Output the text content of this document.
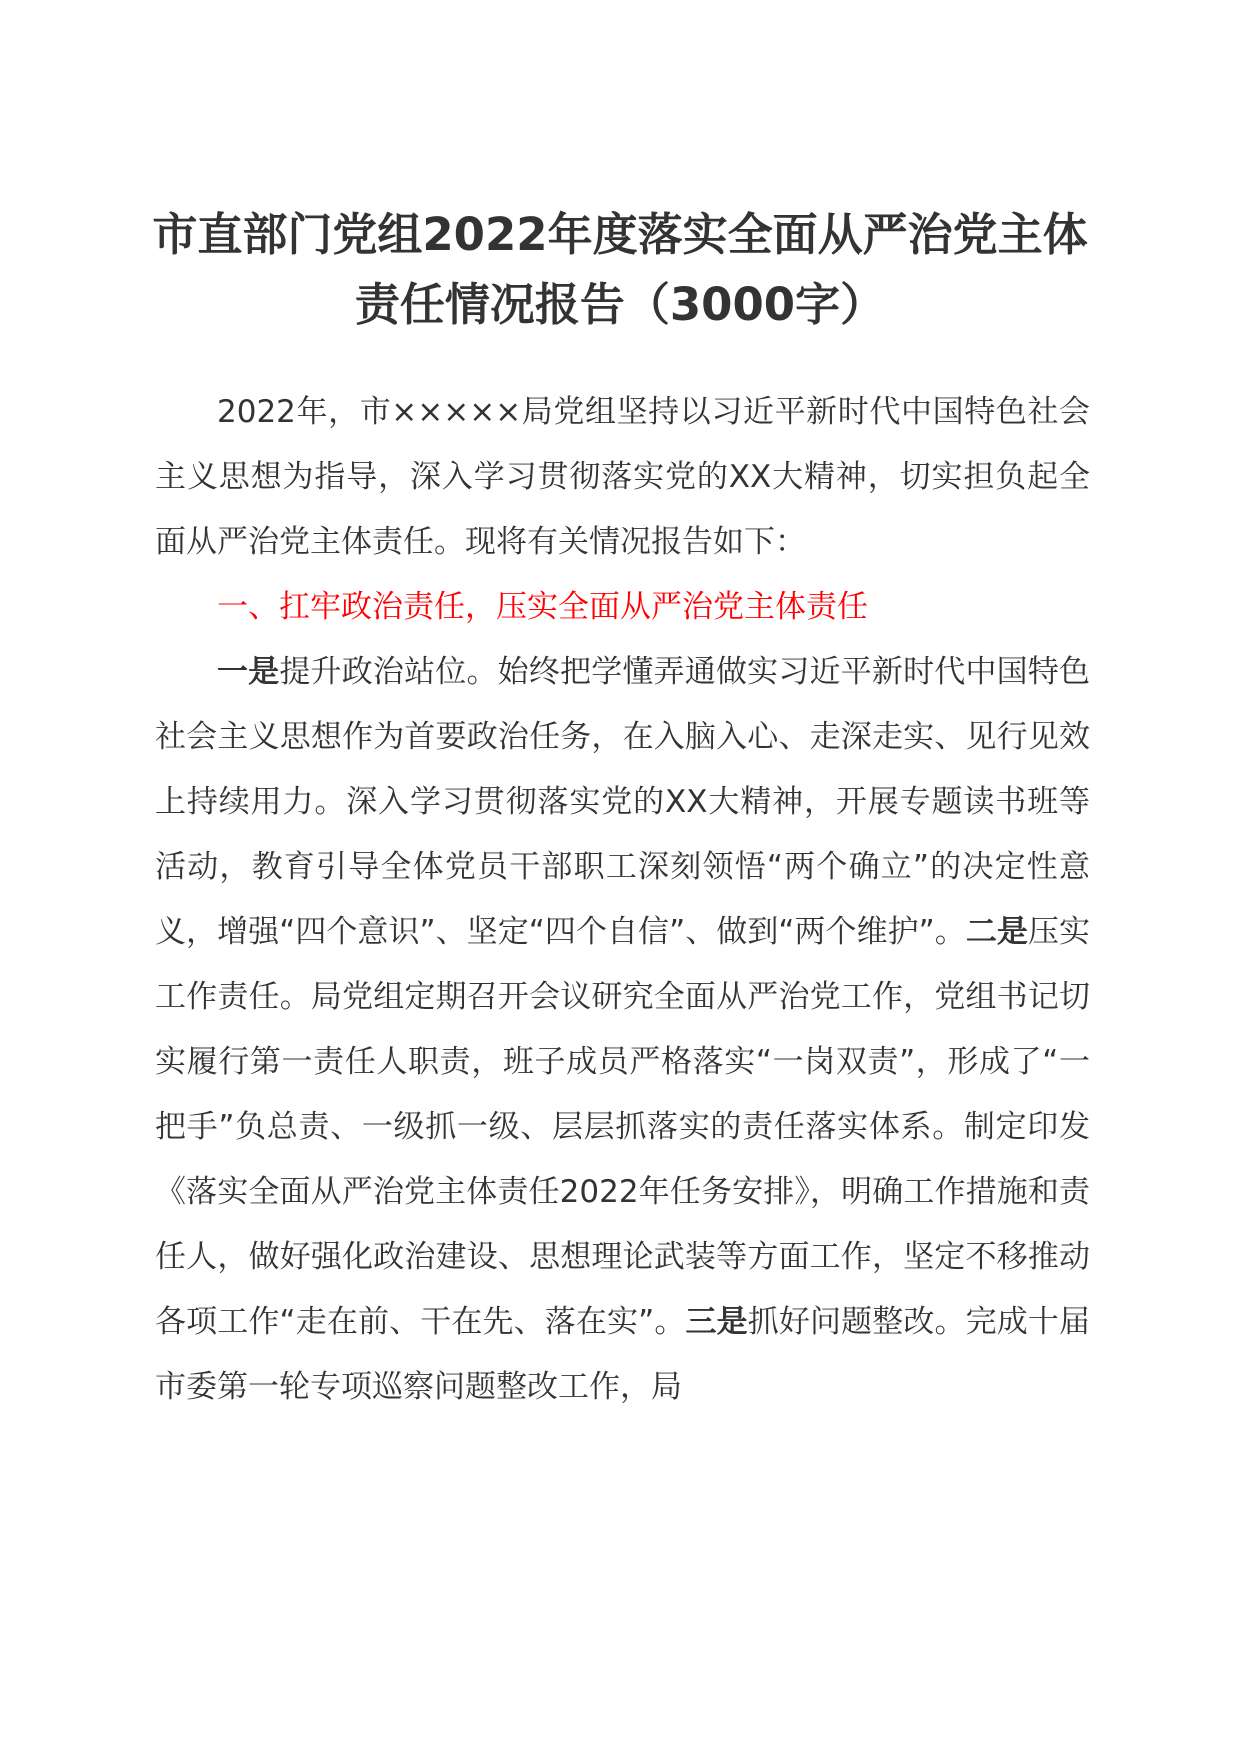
市直部门党组2022年度落实全面从严治党主体责任情况报告（3000字）

2022年，市×××××局党组坚持以习近平新时代中国特色社会主义思想为指导，深入学习贯彻落实党的XX大精神，切实担负起全面从严治党主体责任。现将有关情况报告如下：

一、扛牢政治责任，压实全面从严治党主体责任

一是提升政治站位。始终把学懂弄通做实习近平新时代中国特色社会主义思想作为首要政治任务，在入脑入心、走深走实、见行见效上持续用力。深入学习贯彻落实党的XX大精神，开展专题读书班等活动，教育引导全体党员干部职工深刻领悟“两个确立”的决定性意义，增强“四个意识”、坚定“四个自信”、做到“两个维护”。二是压实工作责任。局党组定期召开会议研究全面从严治党工作，党组书记切实履行第一责任人职责，班子成员严格落实“一岗双责”，形成了“一把手”负总责、一级抓一级、层层抓落实的责任落实体系。制定印发《落实全面从严治党主体责任2022年任务安排》，明确工作措施和责任人，做好强化政治建设、思想理论武装等方面工作，坚定不移推动各项工作“走在前、干在先、落在实”。三是抓好问题整改。完成十届市委第一轮专项巡察问题整改工作，局
